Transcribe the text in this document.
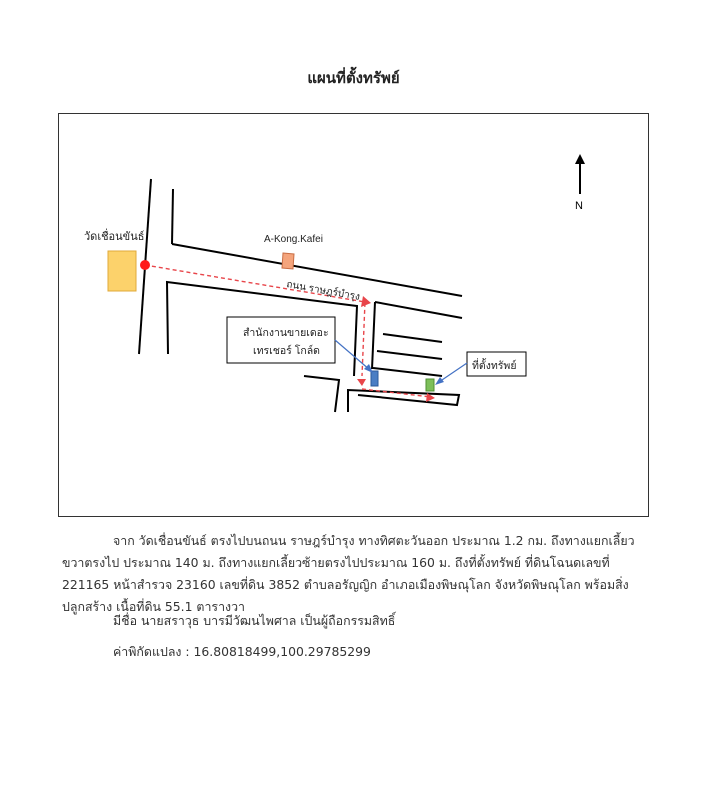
แผนที่ตั้งทรัพย์
N
วัดเชื่อนขันธ์	A-Kong.Kafei
ถนน ราษฎร์บำรุง
สำนักงานขายเดอะ
เทรเชอร์ โกล์ด
ที่ตั้งทรัพย์
จาก วัดเชื่อนขันธ์ ตรงไปบนถนน ราษฎร์บำรุง ทางทิศตะวันออก ประมาณ 1.2 กม. ถึงทางแยกเลี้ยวขวาตรงไป ประมาณ 140 ม. ถึงทางแยกเลี้ยวซ้ายตรงไปประมาณ 160 ม. ถึงที่ตั้งทรัพย์ ที่ดินโฉนดเลขที่ 221165 หน้าสำรวจ 23160 เลขที่ดิน 3852 ตำบลอรัญญิก อำเภอเมืองพิษณุโลก จังหวัดพิษณุโลก พร้อมสิ่งปลูกสร้าง เนื้อที่ดิน 55.1 ตารางวา
มีชื่อ นายสราวุธ บารมีวัฒนไพศาล เป็นผู้ถือกรรมสิทธิ์
ค่าพิกัดแปลง : 16.80818499,100.29785299
